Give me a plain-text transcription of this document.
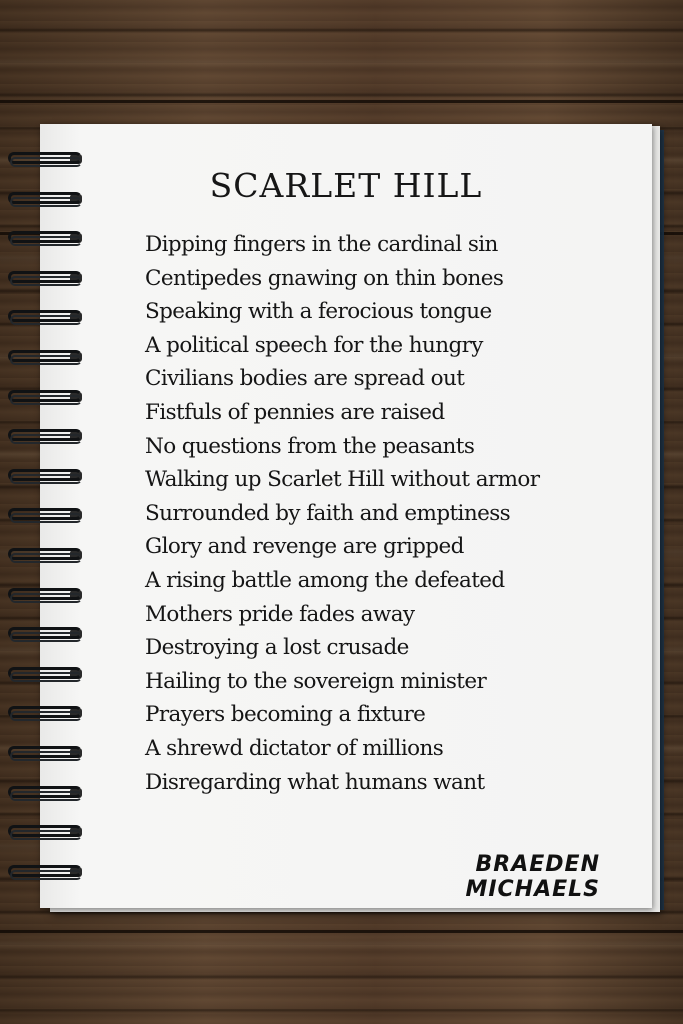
SCARLET HILL
Dipping fingers in the cardinal sin
Centipedes gnawing on thin bones
Speaking with a ferocious tongue
A political speech for the hungry
Civilians bodies are spread out
Fistfuls of pennies are raised
No questions from the peasants
Walking up Scarlet Hill without armor
Surrounded by faith and emptiness
Glory and revenge are gripped
A rising battle among the defeated
Mothers pride fades away
Destroying a lost crusade
Hailing to the sovereign minister
Prayers becoming a fixture
A shrewd dictator of millions
Disregarding what humans want
BRAEDEN MICHAELS
